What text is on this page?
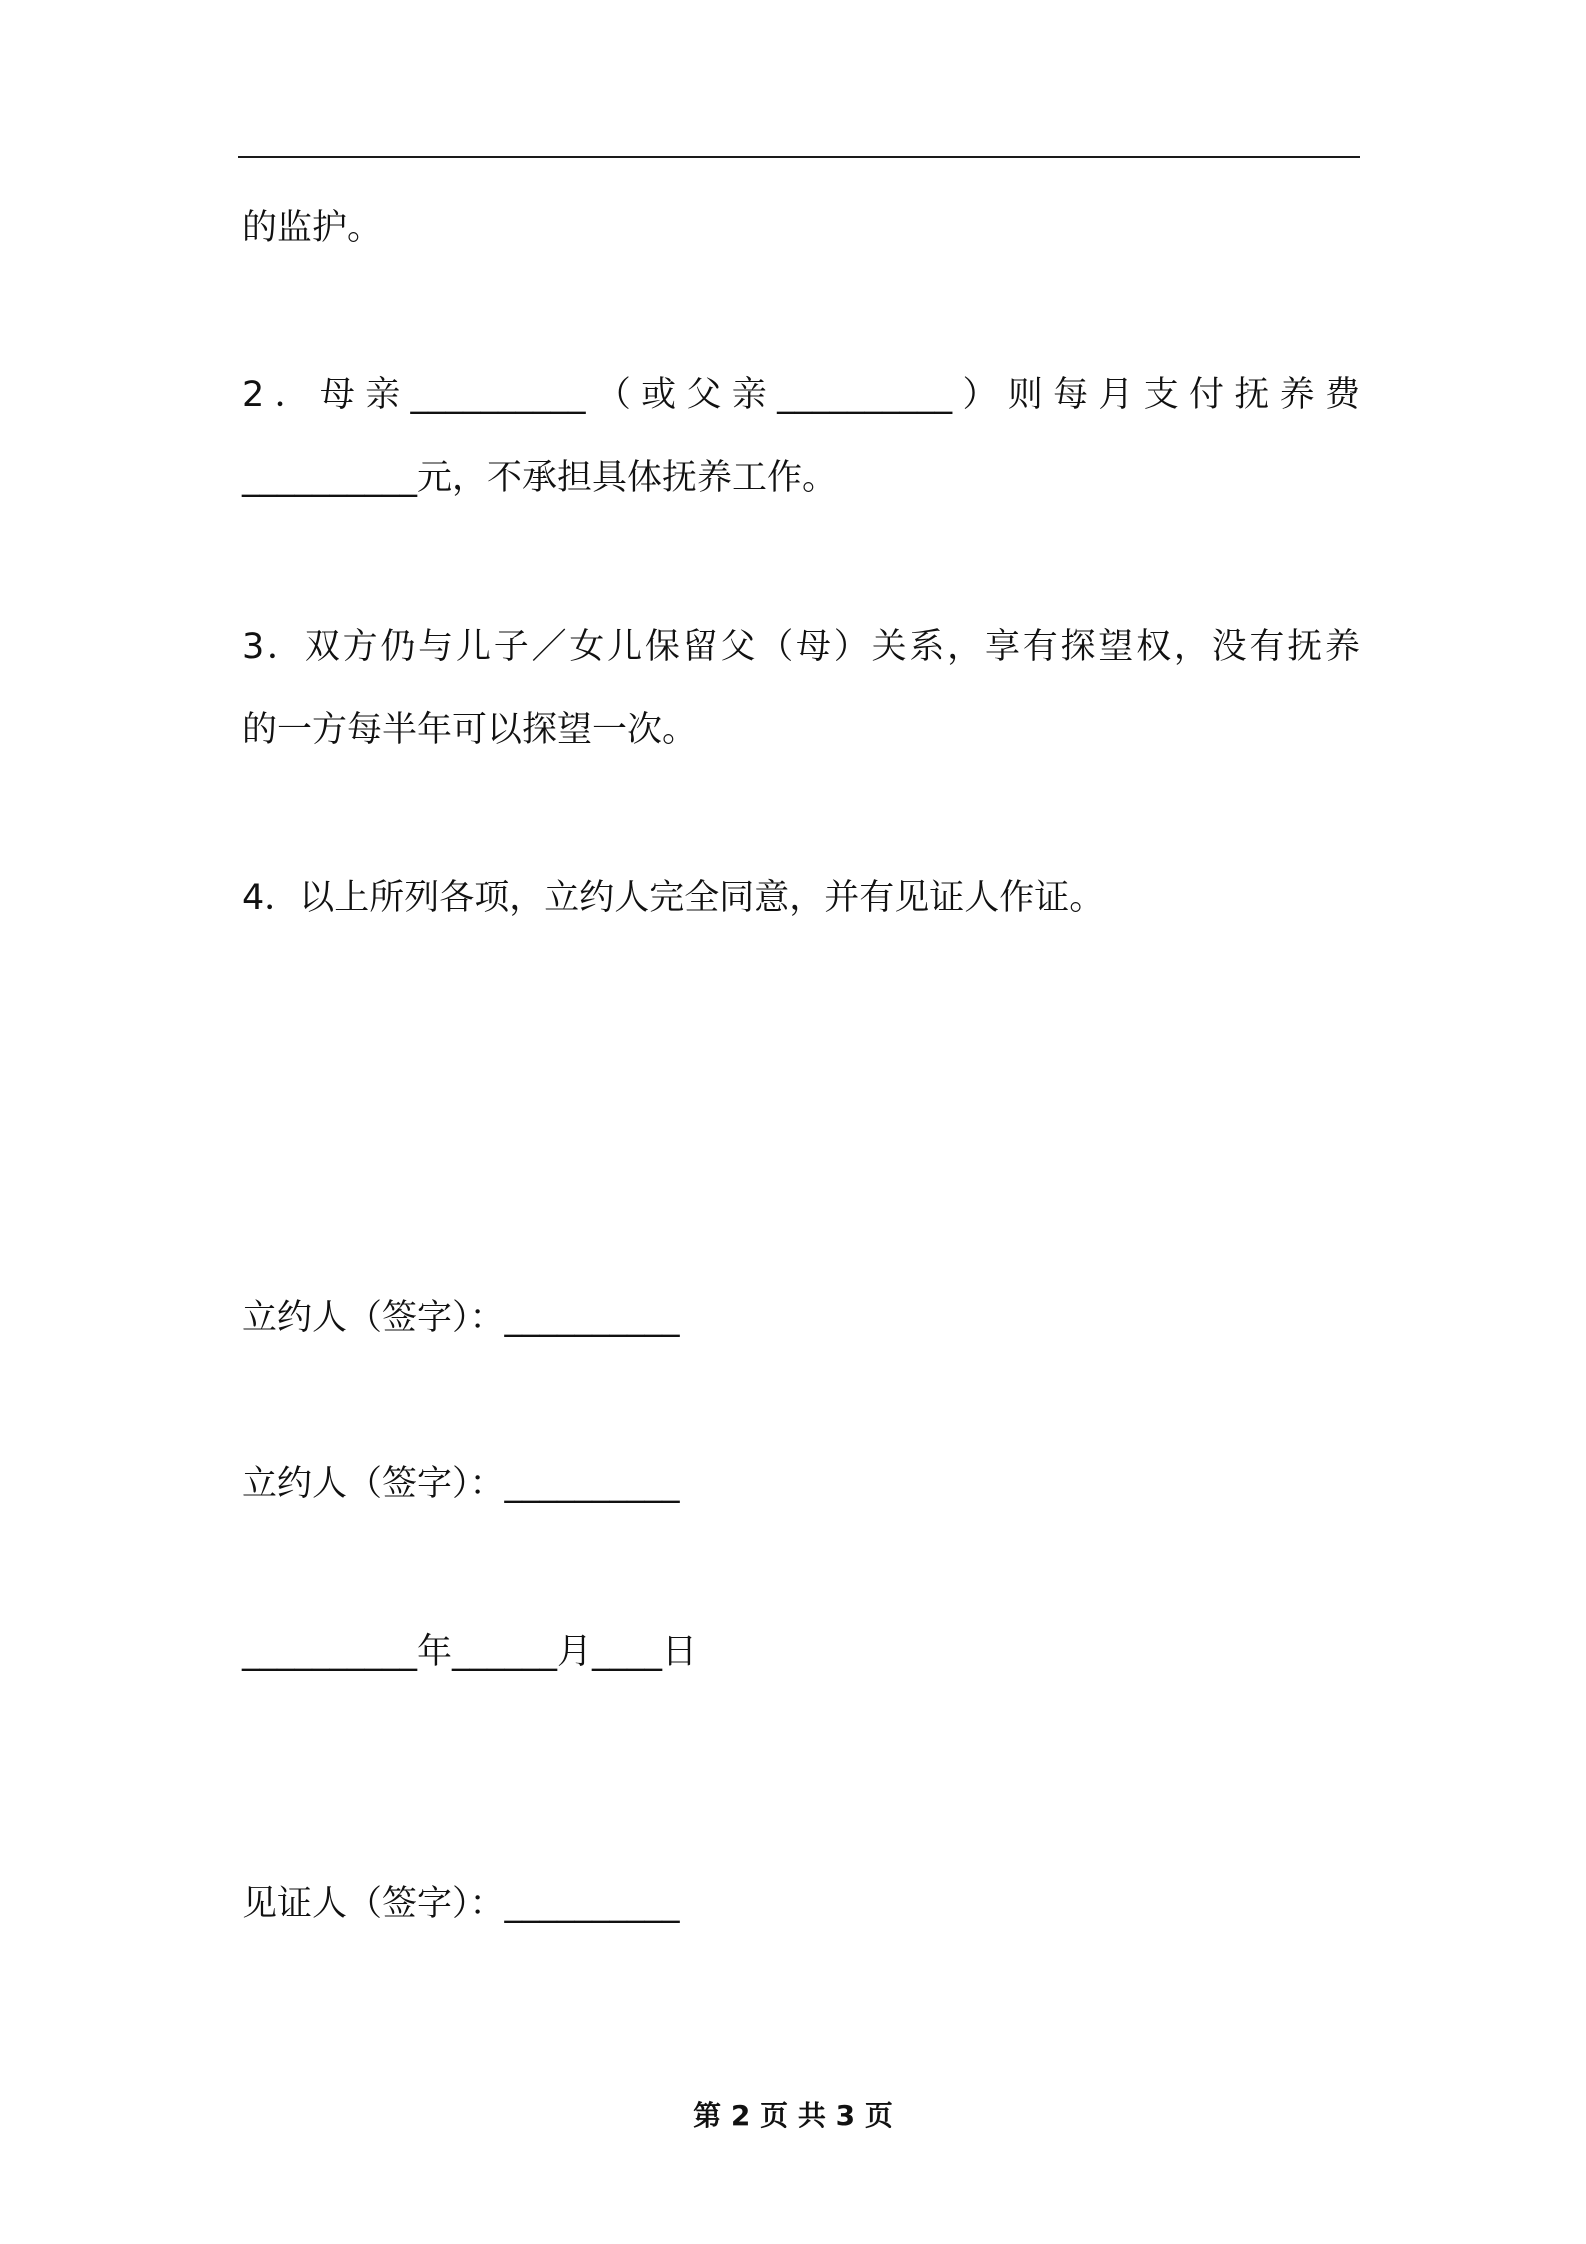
的监护。
2．母亲__________（或父亲__________）则每月支付抚养费
__________元，不承担具体抚养工作。
3．双方仍与儿子／女儿保留父（母）关系，享有探望权，没有抚养
的一方每半年可以探望一次。
4．以上所列各项，立约人完全同意，并有见证人作证。
立约人（签字）：__________
立约人（签字）：__________
__________年______月____日
见证人（签字）：__________
第 2 页 共 3 页
